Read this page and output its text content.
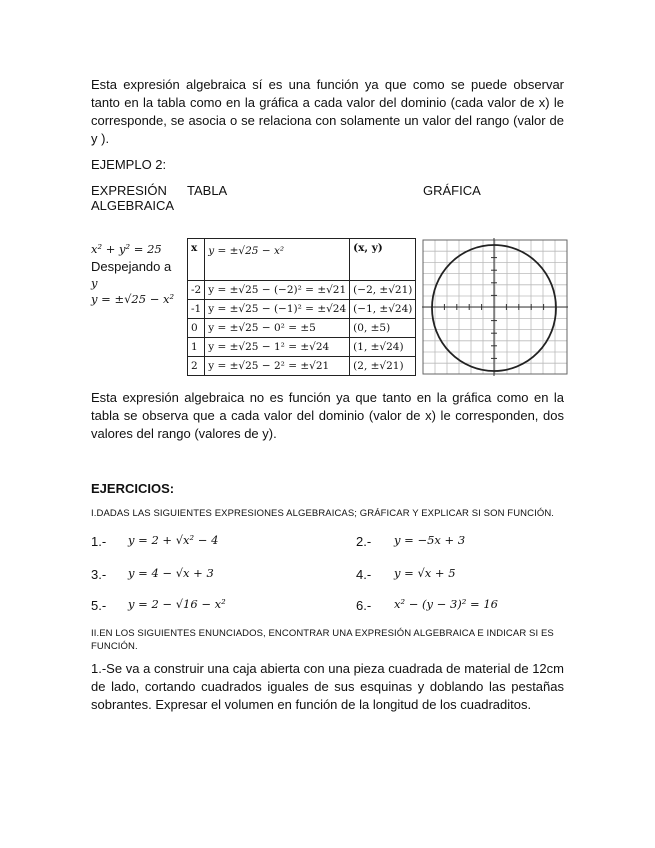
Esta expresión algebraica sí es una función ya que como se puede observar tanto en la tabla como en la gráfica a cada valor del dominio (cada valor de x) le corresponde, se asocia o se relaciona con solamente un valor del rango (valor de y ).
EJEMPLO 2:
EXPRESIÓN
ALGEBRAICA
TABLA	GRÁFICA
x² + y² = 25
Despejando a
y
y = ±√25 − x²
x	y = ±√25 − x²	(x, y)
-2	y = ±√25 − (−2)² = ±√21	(−2, ±√21)
-1	y = ±√25 − (−1)² = ±√24	(−1, ±√24)
0	y = ±√25 − 0² = ±5	(0, ±5)
1	y = ±√25 − 1² = ±√24	(1, ±√24)
2	y = ±√25 − 2² = ±√21	(2, ±√21)
Esta expresión algebraica no es función ya que tanto en la gráfica como en la tabla se observa que a cada valor del dominio (valor de x) le corresponden, dos valores del rango (valores de y).
EJERCICIOS:
I.DADAS LAS SIGUIENTES EXPRESIONES ALGEBRAICAS; GRÁFICAR Y EXPLICAR SI SON FUNCIÓN.
1.- y = 2 + √x² − 4	2.- y = −5x + 3
3.- y = 4 − √x + 3	4.- y = √x + 5
5.- y = 2 − √16 − x²	6.- x² − (y − 3)² = 16
II.EN LOS SIGUIENTES ENUNCIADOS, ENCONTRAR UNA EXPRESIÓN ALGEBRAICA E INDICAR SI ES FUNCIÓN.
1.-Se va a construir una caja abierta con una pieza cuadrada de material de 12cm de lado, cortando cuadrados iguales de sus esquinas y doblando las pestañas sobrantes. Expresar el volumen en función de la longitud de los cuadraditos.
